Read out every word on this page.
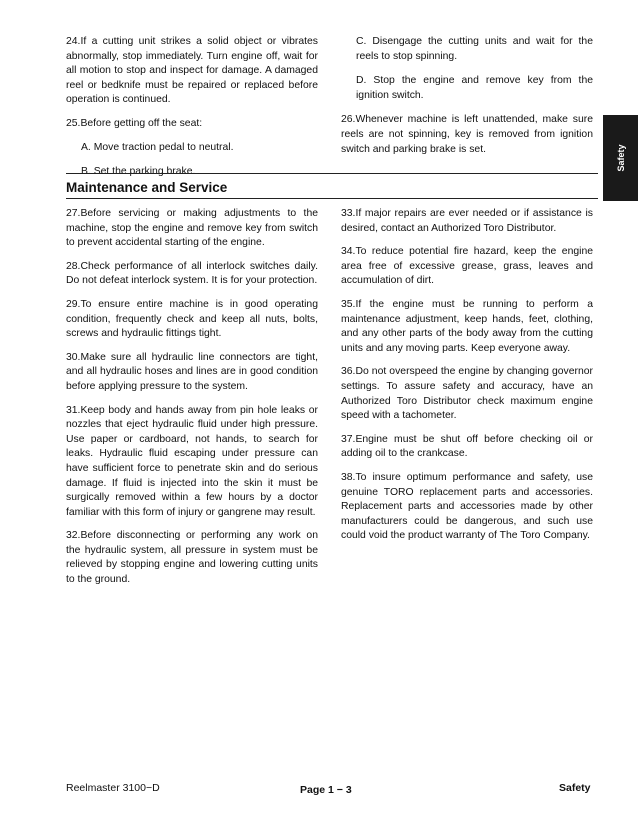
24.If a cutting unit strikes a solid object or vibrates abnormally, stop immediately. Turn engine off, wait for all motion to stop and inspect for damage. A damaged reel or bedknife must be repaired or replaced before operation is continued.

25.Before getting off the seat:

A. Move traction pedal to neutral.

B. Set the parking brake.

C. Disengage the cutting units and wait for the reels to stop spinning.

D. Stop the engine and remove key from the ignition switch.

26.Whenever machine is left unattended, make sure reels are not spinning, key is removed from ignition switch and parking brake is set.

Maintenance and Service

27.Before servicing or making adjustments to the machine, stop the engine and remove key from switch to prevent accidental starting of the engine.

28.Check performance of all interlock switches daily. Do not defeat interlock system. It is for your protection.

29.To ensure entire machine is in good operating condition, frequently check and keep all nuts, bolts, screws and hydraulic fittings tight.

30.Make sure all hydraulic line connectors are tight, and all hydraulic hoses and lines are in good condition before applying pressure to the system.

31.Keep body and hands away from pin hole leaks or nozzles that eject hydraulic fluid under high pressure. Use paper or cardboard, not hands, to search for leaks. Hydraulic fluid escaping under pressure can have sufficient force to penetrate skin and do serious damage. If fluid is injected into the skin it must be surgically removed within a few hours by a doctor familiar with this form of injury or gangrene may result.

32.Before disconnecting or performing any work on the hydraulic system, all pressure in system must be relieved by stopping engine and lowering cutting units to the ground.

33.If major repairs are ever needed or if assistance is desired, contact an Authorized Toro Distributor.

34.To reduce potential fire hazard, keep the engine area free of excessive grease, grass, leaves and accumulation of dirt.

35.If the engine must be running to perform a maintenance adjustment, keep hands, feet, clothing, and any other parts of the body away from the cutting units and any moving parts. Keep everyone away.

36.Do not overspeed the engine by changing governor settings. To assure safety and accuracy, have an Authorized Toro Distributor check maximum engine speed with a tachometer.

37.Engine must be shut off before checking oil or adding oil to the crankcase.

38.To insure optimum performance and safety, use genuine TORO replacement parts and accessories. Replacement parts and accessories made by other manufacturers could be dangerous, and such use could void the product warranty of The Toro Company.

Safety
Reelmaster 3100−D	Page 1 − 3	Safety
